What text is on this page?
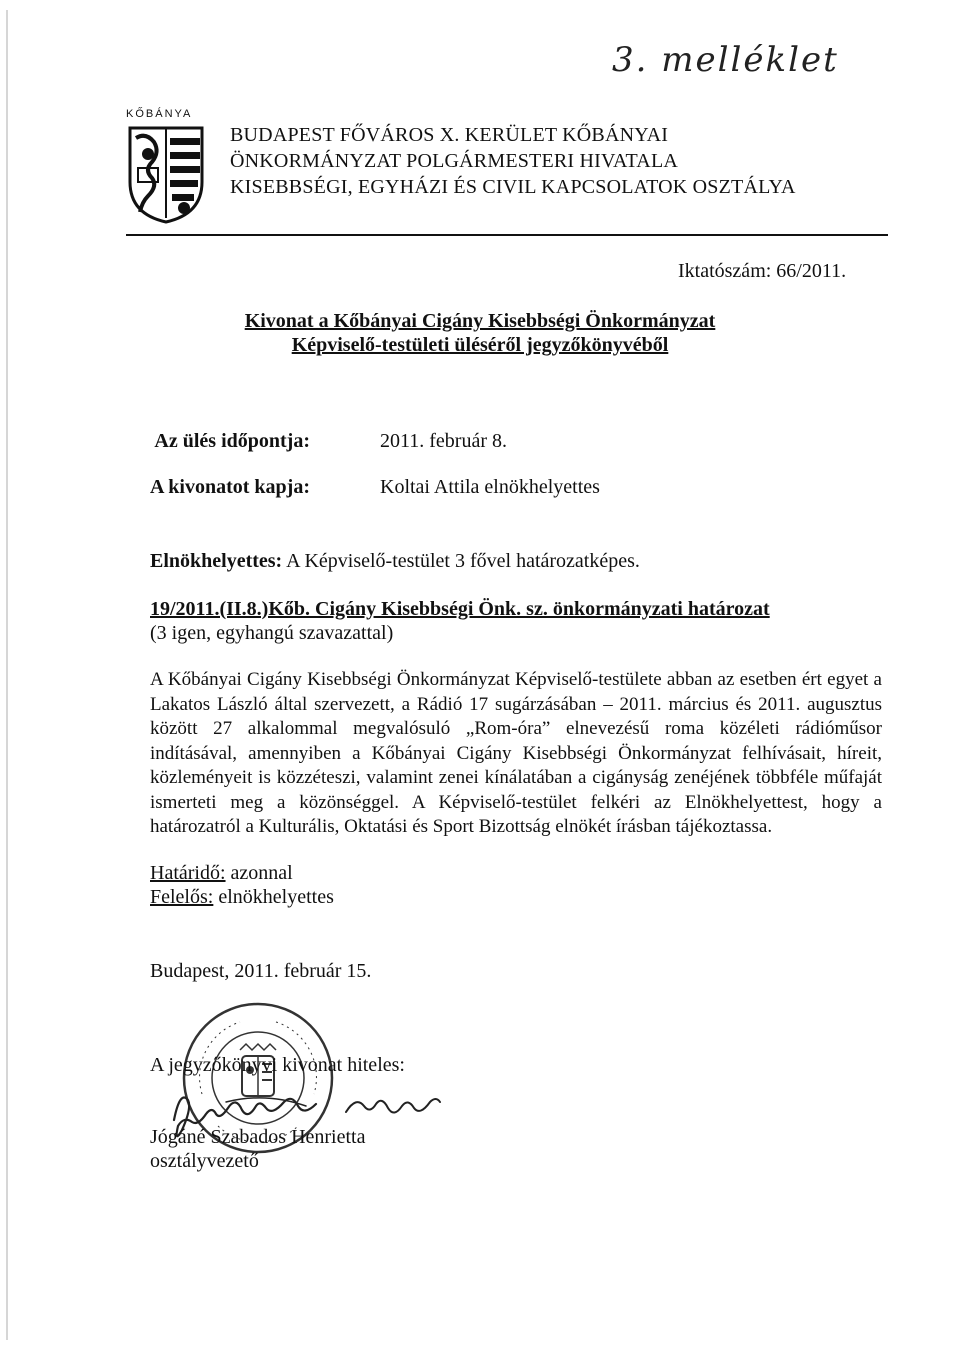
3. melléklet
KŐBÁNYA
BUDAPEST FŐVÁROS X. KERÜLET KŐBÁNYAI
ÖNKORMÁNYZAT POLGÁRMESTERI HIVATALA
KISEBBSÉGI, EGYHÁZI ÉS CIVIL KAPCSOLATOK OSZTÁLYA
Iktatószám: 66/2011.
Kivonat a Kőbányai Cigány Kisebbségi Önkormányzat
Képviselő-testületi üléséről jegyzőkönyvéből
Az ülés időpontja:	2011. február 8.
A kivonatot kapja:	Koltai Attila elnökhelyettes
Elnökhelyettes: A Képviselő-testület 3 fővel határozatképes.
19/2011.(II.8.)Kőb. Cigány Kisebbségi Önk. sz. önkormányzati határozat
(3 igen, egyhangú szavazattal)
A Kőbányai Cigány Kisebbségi Önkormányzat Képviselő-testülete abban az esetben ért egyet a Lakatos László által szervezett, a Rádió 17 sugárzásában – 2011. március és 2011. augusztus között 27 alkalommal megvalósuló „Rom-óra” elnevezésű roma közéleti rádióműsor indításával, amennyiben a Kőbányai Cigány Kisebbségi Önkormányzat felhívásait, híreit, közleményeit is közzéteszi, valamint zenei kínálatában a cigányság zenéjének többféle műfaját ismerteti meg a közönséggel. A Képviselő-testület felkéri az Elnökhelyettest, hogy a határozatról a Kulturális, Oktatási és Sport Bizottság elnökét írásban tájékoztassa.
Határidő: azonnal
Felelős: elnökhelyettes
Budapest, 2011. február 15.
A jegyzőkönyvi kivonat hiteles:
Jógáné Szabados Henrietta
osztályvezető
